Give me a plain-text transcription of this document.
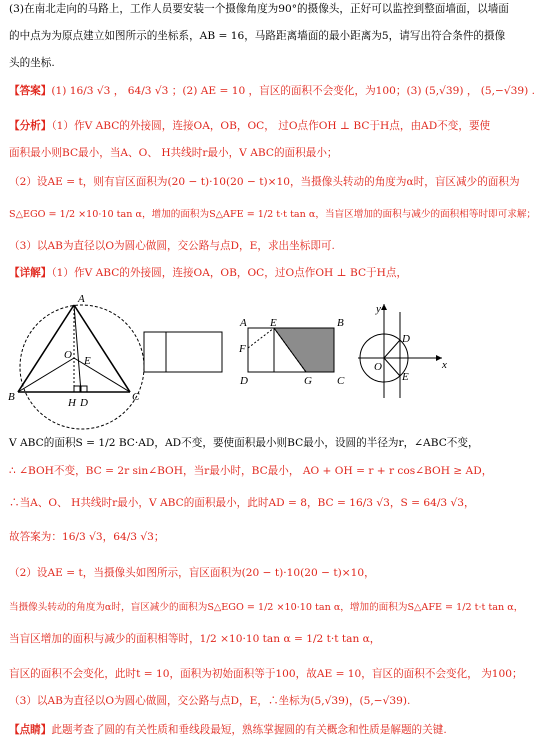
(3)在南北走向的马路上，工作人员要安装一个摄像角度为90°的摄像头，正好可以监控到整面墙面，以墙面
的中点为为原点建立如图所示的坐标系，AB = 16，马路距离墙面的最小距离为5，请写出符合条件的摄像
头的坐标.
【答案】(1) 16/3 √3 ， 64/3 √3 ；(2) AE = 10 ，盲区的面积不会变化，为100；(3) (5,√39) ， (5,−√39) .
【分析】（1）作V ABC的外接圆，连接OA，OB，OC， 过O点作OH ⊥ BC于H点，由AD不变，要使
面积最小则BC最小，当A、O、 H共线时r最小，V ABC的面积最小；
（2）设AE = t，则有盲区面积为(20 − t)·10(20 − t)×10，当摄像头转动的角度为α时，盲区减少的面积为
S△EGO = 1/2 ×10·10 tan α，增加的面积为S△AFE = 1/2 t·t tan α，当盲区增加的面积与减少的面积相等时即可求解；
（3）以AB为直径以O为圆心做圆，交公路与点D，E，求出坐标即可.
【详解】（1）作V ABC的外接圆，连接OA，OB，OC，过O点作OH ⊥ BC于H点，
A
O E
B	H D	C
E
A	B
F
D	G C
y
D
O	x
E
V ABC的面积S = 1/2 BC·AD，AD不变，要使面积最小则BC最小，设圆的半径为r，∠ABC不变，
∴ ∠BOH不变，BC = 2r sin∠BOH，当r最小时，BC最小， AO + OH = r + r cos∠BOH ≥ AD，
∴当A、O、 H共线时r最小，V ABC的面积最小，此时AD = 8，BC = 16/3 √3，S = 64/3 √3，
故答案为：16/3 √3，64/3 √3；
（2）设AE = t，当摄像头如图所示，盲区面积为(20 − t)·10(20 − t)×10，
当摄像头转动的角度为α时，盲区减少的面积为S△EGO = 1/2 ×10·10 tan α，增加的面积为S△AFE = 1/2 t·t tan α，
当盲区增加的面积与减少的面积相等时，1/2 ×10·10 tan α = 1/2 t·t tan α，
盲区的面积不会变化，此时t = 10，面积为初始面积等于100，故AE = 10，盲区的面积不会变化， 为100；
（3）以AB为直径以O为圆心做圆，交公路与点D，E，∴坐标为(5,√39)，(5,−√39).
【点睛】此题考查了圆的有关性质和垂线段最短，熟练掌握圆的有关概念和性质是解题的关键.
